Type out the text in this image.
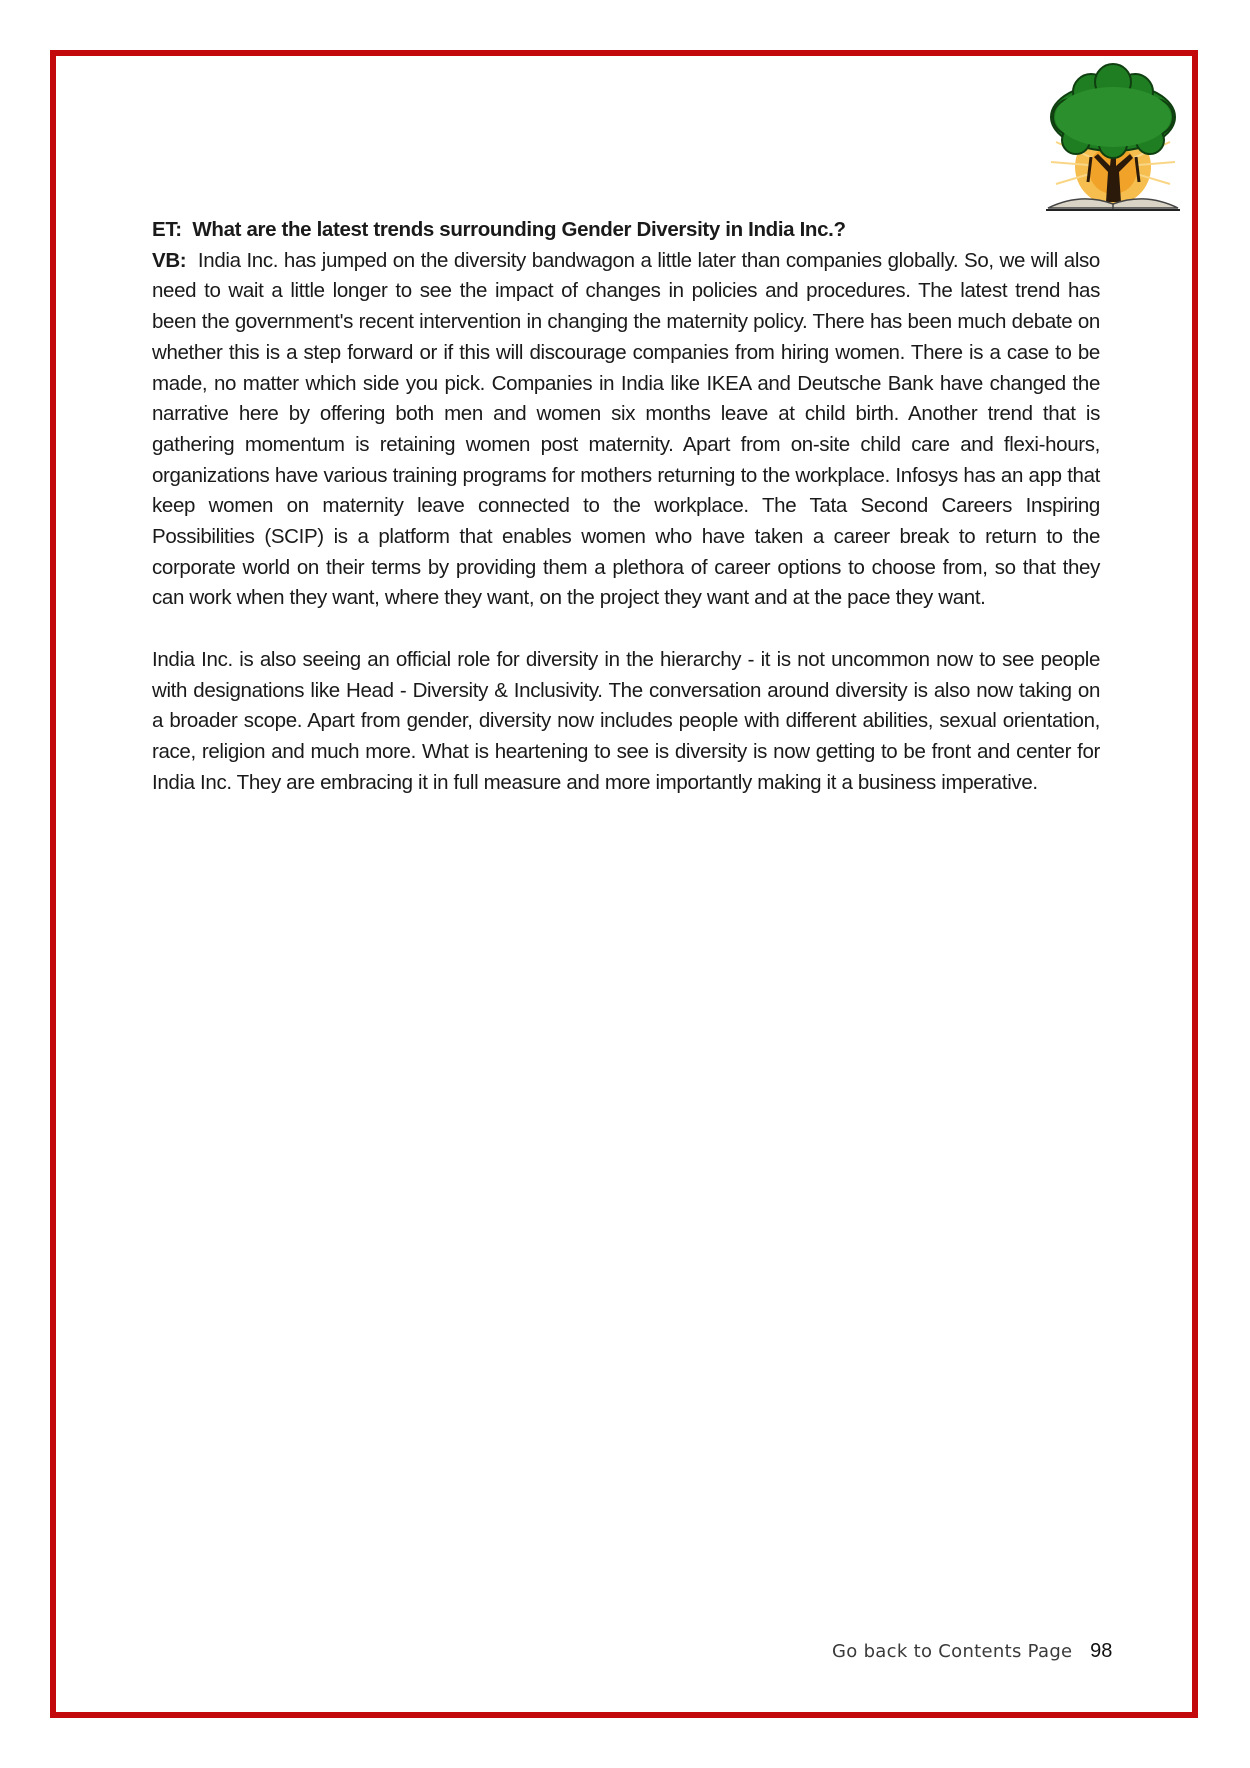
ET: What are the latest trends surrounding Gender Diversity in India Inc.?

VB: India Inc. has jumped on the diversity bandwagon a little later than companies globally. So, we will also need to wait a little longer to see the impact of changes in policies and procedures. The latest trend has been the government's recent intervention in changing the maternity policy. There has been much debate on whether this is a step forward or if this will discourage companies from hiring women. There is a case to be made, no matter which side you pick. Companies in India like IKEA and Deutsche Bank have changed the narrative here by offering both men and women six months leave at child birth. Another trend that is gathering momentum is retaining women post maternity. Apart from on-site child care and flexi-hours, organizations have various training programs for mothers returning to the workplace. Infosys has an app that keep women on maternity leave connected to the workplace. The Tata Second Careers Inspiring Possibilities (SCIP) is a platform that enables women who have taken a career break to return to the corporate world on their terms by providing them a plethora of career options to choose from, so that they can work when they want, where they want, on the project they want and at the pace they want.

India Inc. is also seeing an official role for diversity in the hierarchy - it is not uncommon now to see people with designations like Head - Diversity & Inclusivity. The conversation around diversity is also now taking on a broader scope. Apart from gender, diversity now includes people with different abilities, sexual orientation, race, religion and much more. What is heartening to see is diversity is now getting to be front and center for India Inc. They are embracing it in full measure and more importantly making it a business imperative.

Go back to Contents Page 98
